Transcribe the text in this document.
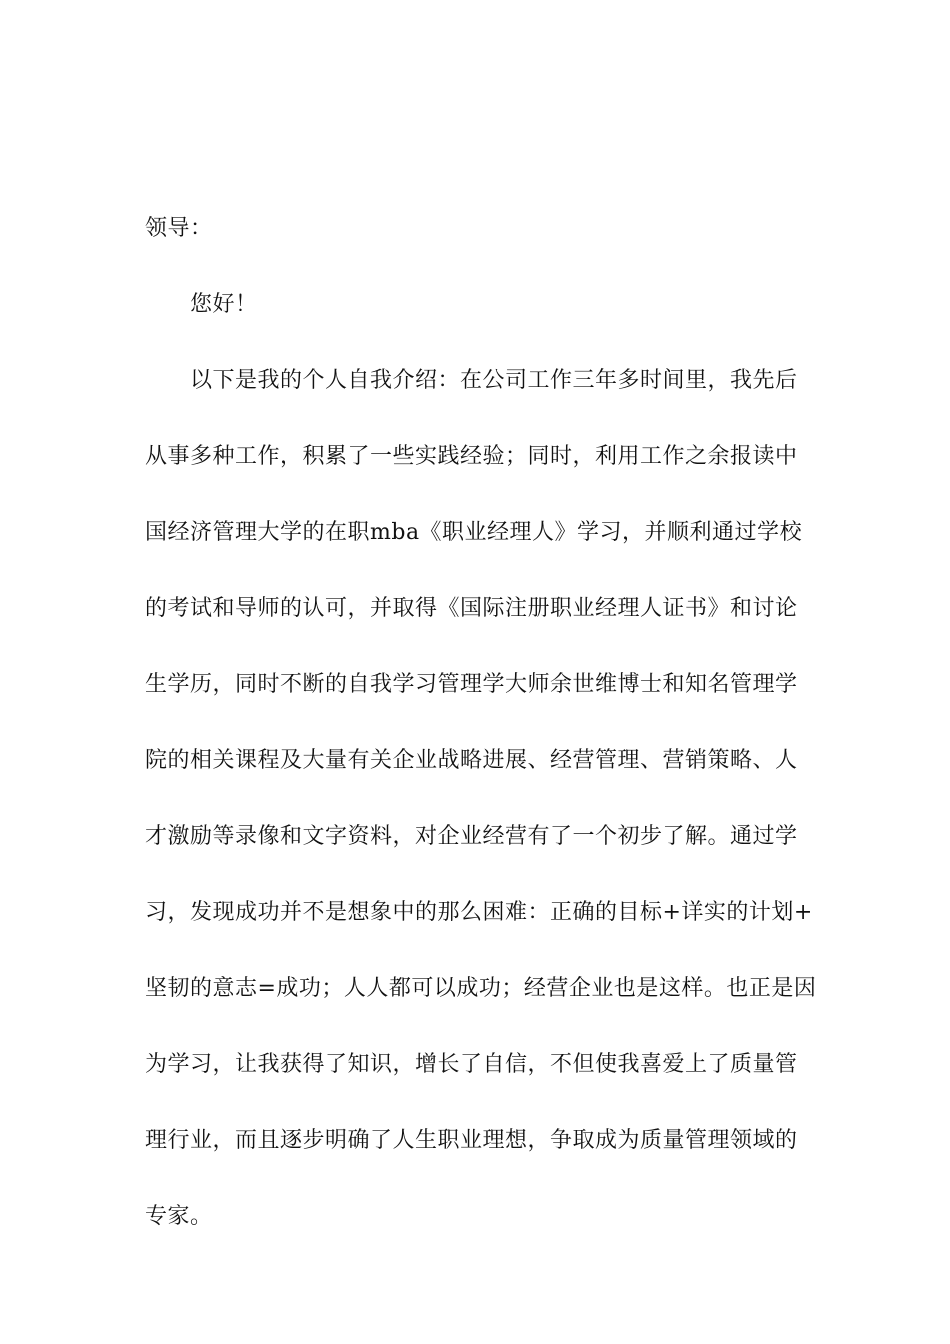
领导：
您好！
以下是我的个人自我介绍：在公司工作三年多时间里，我先后
从事多种工作，积累了一些实践经验；同时，利用工作之余报读中
国经济管理大学的在职mba《职业经理人》学习，并顺利通过学校
的考试和导师的认可，并取得《国际注册职业经理人证书》和讨论
生学历，同时不断的自我学习管理学大师余世维博士和知名管理学
院的相关课程及大量有关企业战略进展、经营管理、营销策略、人
才激励等录像和文字资料，对企业经营有了一个初步了解。通过学
习，发现成功并不是想象中的那么困难：正确的目标+详实的计划+
坚韧的意志=成功；人人都可以成功；经营企业也是这样。也正是因
为学习，让我获得了知识，增长了自信，不但使我喜爱上了质量管
理行业，而且逐步明确了人生职业理想，争取成为质量管理领域的
专家。
